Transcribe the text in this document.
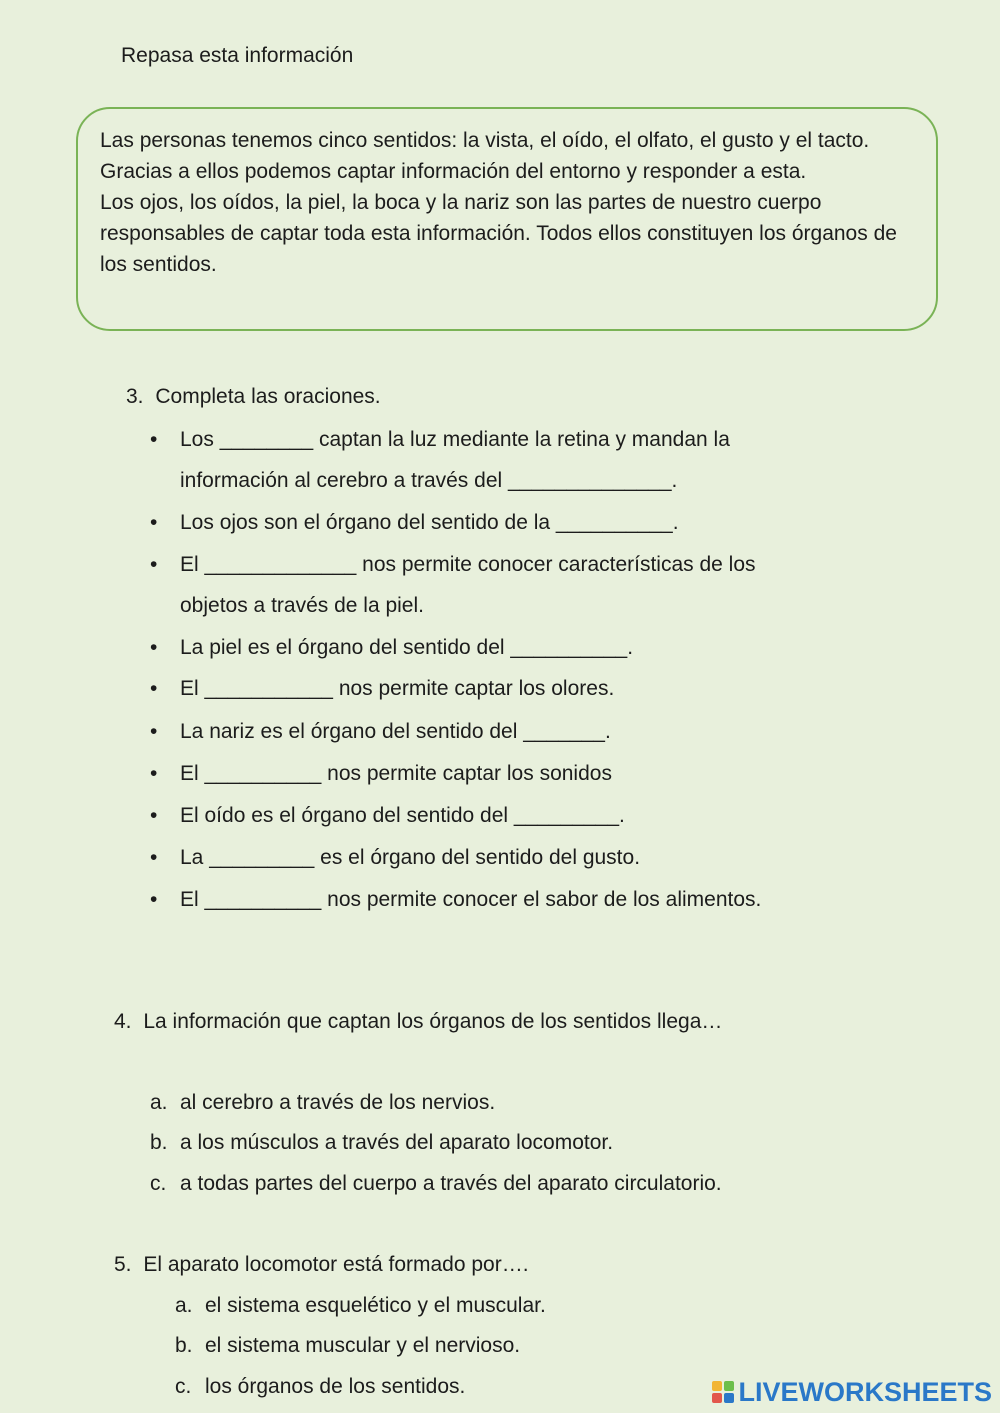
Repasa esta información

Las personas tenemos cinco sentidos: la vista, el oído, el olfato, el gusto y el tacto.

Gracias a ellos podemos captar información del entorno y responder a esta.

Los ojos, los oídos, la piel, la boca y la nariz son las partes de nuestro cuerpo responsables de captar toda esta información. Todos ellos constituyen los órganos de los sentidos.

3. Completa las oraciones.
• Los ________ captan la luz mediante la retina y mandan la
información al cerebro a través del ______________.
• Los ojos son el órgano del sentido de la __________.
• El _____________ nos permite conocer características de los
objetos a través de la piel.
• La piel es el órgano del sentido del __________.
• El ___________ nos permite captar los olores.
• La nariz es el órgano del sentido del _______.
• El __________ nos permite captar los sonidos
• El oído es el órgano del sentido del _________.
• La _________ es el órgano del sentido del gusto.
• El __________ nos permite conocer el sabor de los alimentos.
4. La información que captan los órganos de los sentidos llega…
a. al cerebro a través de los nervios.
b. a los músculos a través del aparato locomotor.
c. a todas partes del cuerpo a través del aparato circulatorio.
5. El aparato locomotor está formado por….
a. el sistema esquelético y el muscular.
b. el sistema muscular y el nervioso.
c. los órganos de los sentidos.	LIVEWORKSHEETS
